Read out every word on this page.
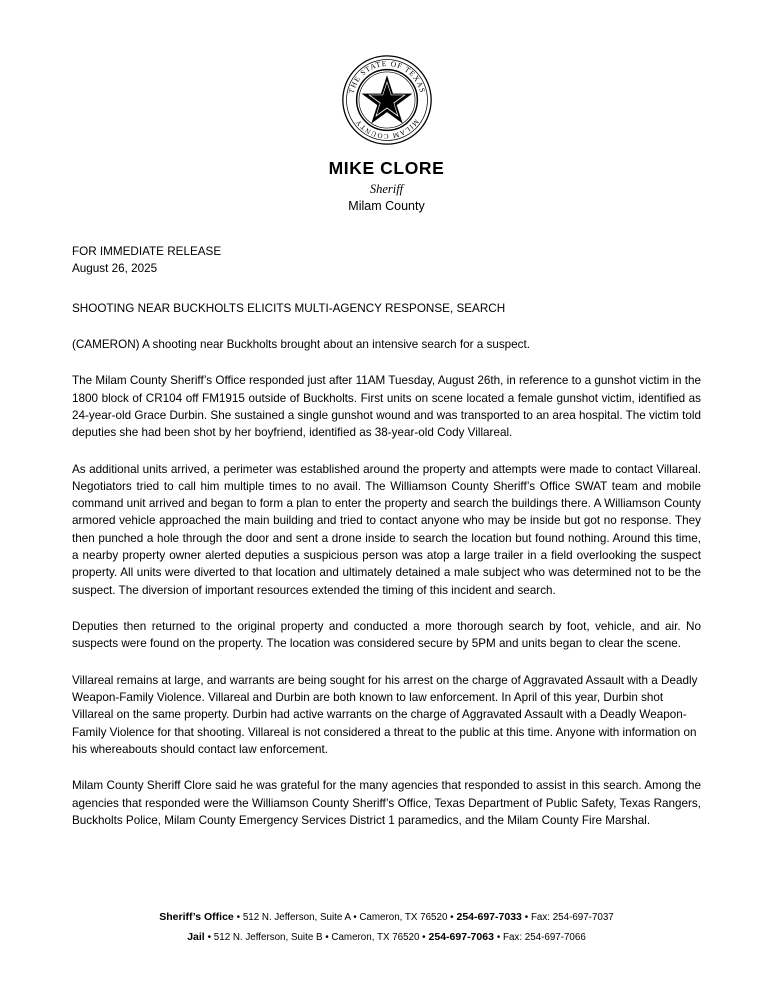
THE STATE OF TEXAS
MILAM COUNTY
MIKE CLORE
Sheriff
Milam County
FOR IMMEDIATE RELEASE
August 26, 2025
SHOOTING NEAR BUCKHOLTS ELICITS MULTI-AGENCY RESPONSE, SEARCH

(CAMERON) A shooting near Buckholts brought about an intensive search for a suspect.

The Milam County Sheriff’s Office responded just after 11AM Tuesday, August 26th, in reference to a gunshot victim in the 1800 block of CR104 off FM1915 outside of Buckholts. First units on scene located a female gunshot victim, identified as 24-year-old Grace Durbin. She sustained a single gunshot wound and was transported to an area hospital. The victim told deputies she had been shot by her boyfriend, identified as 38-year-old Cody Villareal.

As additional units arrived, a perimeter was established around the property and attempts were made to contact Villareal. Negotiators tried to call him multiple times to no avail. The Williamson County Sheriff’s Office SWAT team and mobile command unit arrived and began to form a plan to enter the property and search the buildings there. A Williamson County armored vehicle approached the main building and tried to contact anyone who may be inside but got no response. They then punched a hole through the door and sent a drone inside to search the location but found nothing. Around this time, a nearby property owner alerted deputies a suspicious person was atop a large trailer in a field overlooking the suspect property. All units were diverted to that location and ultimately detained a male subject who was determined not to be the suspect. The diversion of important resources extended the timing of this incident and search.

Deputies then returned to the original property and conducted a more thorough search by foot, vehicle, and air. No suspects were found on the property. The location was considered secure by 5PM and units began to clear the scene.

Villareal remains at large, and warrants are being sought for his arrest on the charge of Aggravated Assault with a Deadly Weapon-Family Violence. Villareal and Durbin are both known to law enforcement. In April of this year, Durbin shot Villareal on the same property. Durbin had active warrants on the charge of Aggravated Assault with a Deadly Weapon-Family Violence for that shooting. Villareal is not considered a threat to the public at this time. Anyone with information on his whereabouts should contact law enforcement.

Milam County Sheriff Clore said he was grateful for the many agencies that responded to assist in this search. Among the agencies that responded were the Williamson County Sheriff’s Office, Texas Department of Public Safety, Texas Rangers, Buckholts Police, Milam County Emergency Services District 1 paramedics, and the Milam County Fire Marshal.

Sheriff’s Office • 512 N. Jefferson, Suite A • Cameron, TX 76520 • 254-697-7033 • Fax: 254-697-7037
Jail • 512 N. Jefferson, Suite B • Cameron, TX 76520 • 254-697-7063 • Fax: 254-697-7066
